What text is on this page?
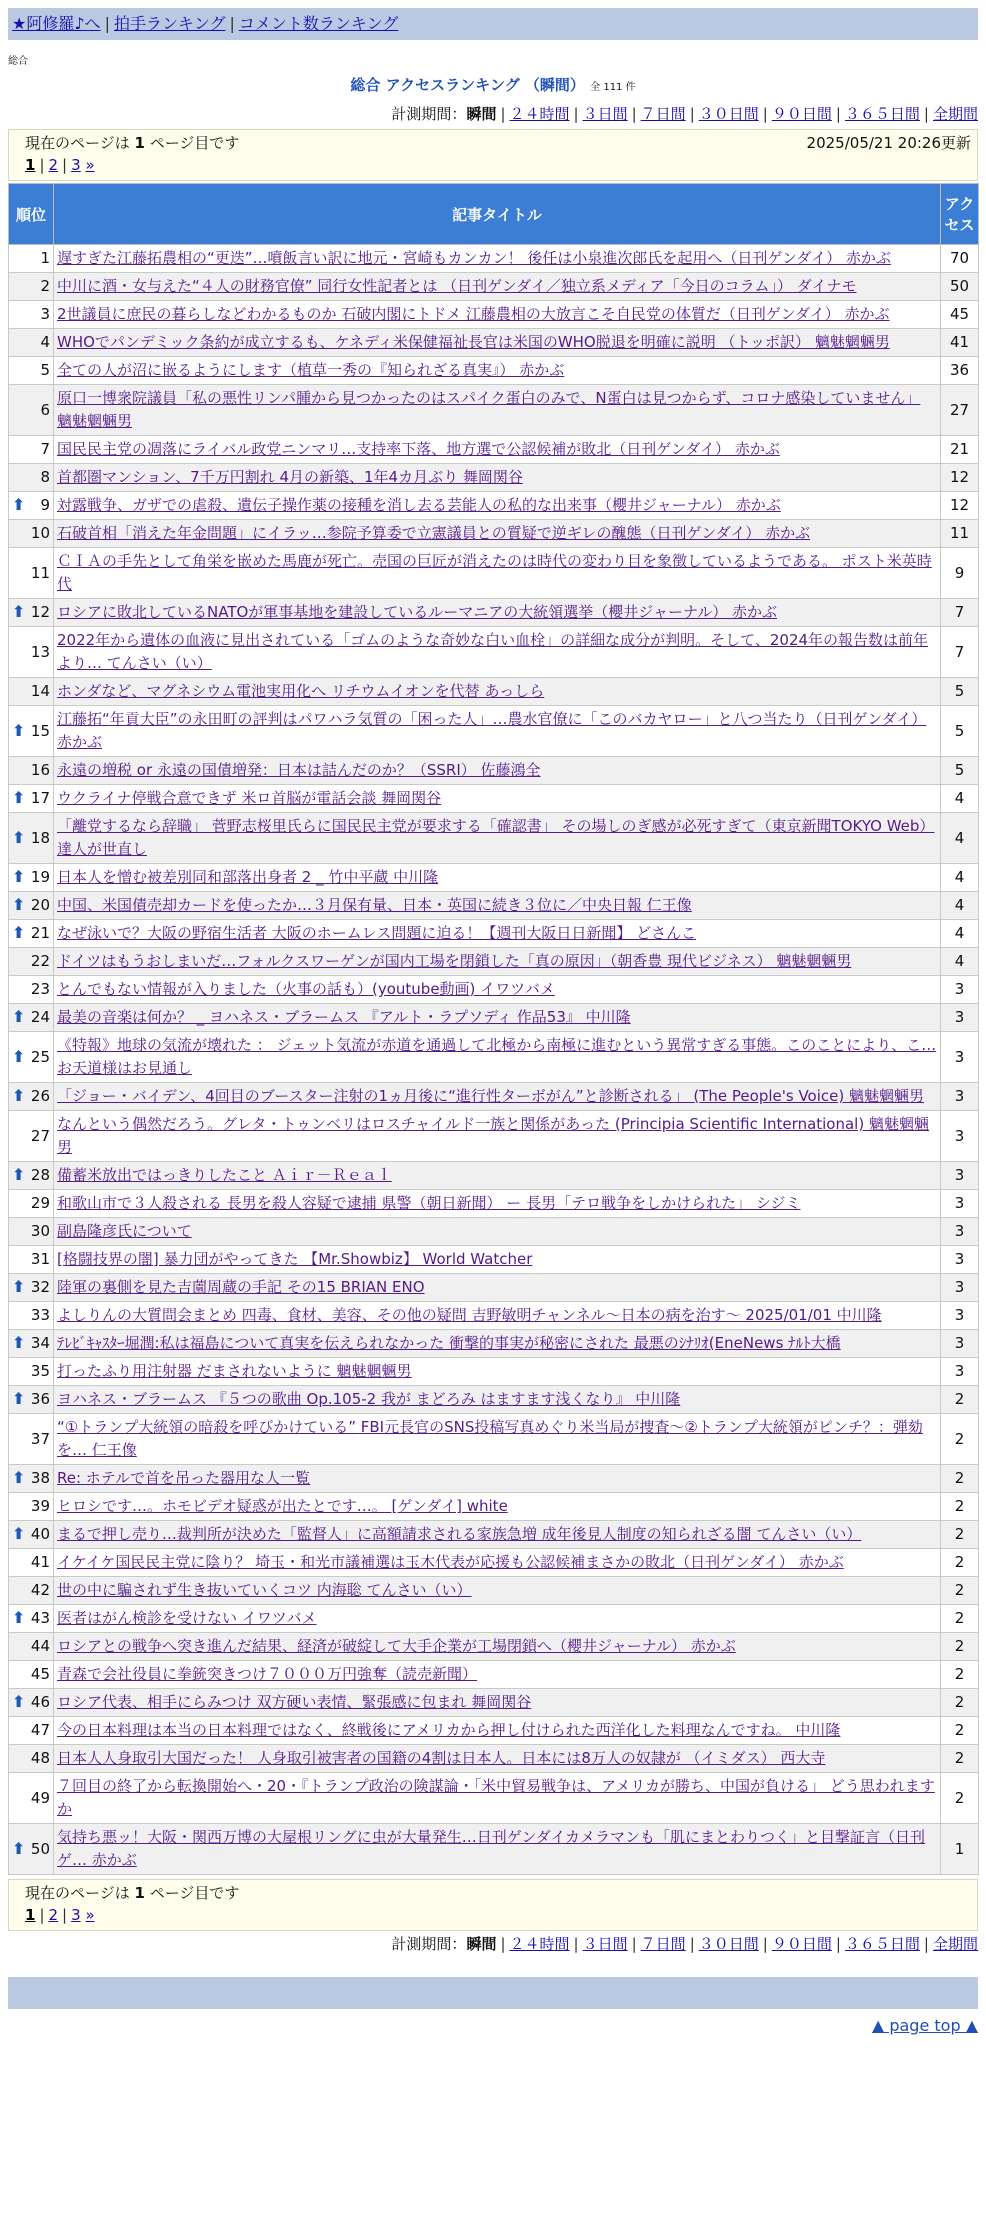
★阿修羅♪へ | 拍手ランキング | コメント数ランキング
総合
総合 アクセスランキング （瞬間） 全 111 件
計測期間：瞬間 | ２４時間 | ３日間 | ７日間 | ３０日間 | ９０日間 | ３６５日間 | 全期間
現在のページは 1 ページ目です	2025/05/21 20:26更新
1 | 2 | 3 »
順位	記事タイトル	アクセス
1	遅すぎた江藤拓農相の“更迭”…噴飯言い訳に地元・宮崎もカンカン！ 後任は小泉進次郎氏を起用へ（日刊ゲンダイ） 赤かぶ	70
2	中川に酒・女与えた“４人の財務官僚” 同行女性記者とは （日刊ゲンダイ／独立系メディア「今日のコラム」） ダイナモ	50
3	2世議員に庶民の暮らしなどわかるものか 石破内閣にトドメ 江藤農相の大放言こそ自民党の体質だ（日刊ゲンダイ） 赤かぶ	45
4	WHOでパンデミック条約が成立するも、ケネディ米保健福祉長官は米国のWHO脱退を明確に説明 （トッポ訳） 魑魅魍魎男	41
5	全ての人が沼に嵌るようにします（植草一秀の『知られざる真実』） 赤かぶ	36
6	原口一博衆院議員「私の悪性リンパ腫から見つかったのはスパイク蛋白のみで、N蛋白は見つからず、コロナ感染していません」 魑魅魍魎男	27
7	国民民主党の凋落にライバル政党ニンマリ…支持率下落、地方選で公認候補が敗北（日刊ゲンダイ） 赤かぶ	21
8	首都圏マンション、7千万円割れ 4月の新築、1年4カ月ぶり 舞岡関谷	12

⬆ 9	対露戦争、ガザでの虐殺、遺伝子操作薬の接種を消し去る芸能人の私的な出来事（櫻井ジャーナル） 赤かぶ	12
10	石破首相「消えた年金問題」にイラッ…参院予算委で立憲議員との質疑で逆ギレの醜態（日刊ゲンダイ） 赤かぶ	11
11	ＣＩＡの手先として角栄を嵌めた馬鹿が死亡。売国の巨匠が消えたのは時代の変わり目を象徴しているようである。 ポスト米英時代	9

⬆ 12	ロシアに敗北しているNATOが軍事基地を建設しているルーマニアの大統領選挙（櫻井ジャーナル） 赤かぶ	7
13	2022年から遺体の血液に見出されている「ゴムのような奇妙な白い血栓」の詳細な成分が判明。そして、2024年の報告数は前年より… てんさい（い）	7
14	ホンダなど、マグネシウム電池実用化へ リチウムイオンを代替 あっしら	5

⬆ 15	江藤拓“年貢大臣”の永田町の評判はパワハラ気質の「困った人」…農水官僚に「このバカヤロー」と八つ当たり（日刊ゲンダイ） 赤かぶ	5
16	永遠の増税 or 永遠の国債増発：日本は詰んだのか？（SSRI） 佐藤鴻全	5

⬆ 17	ウクライナ停戦合意できず 米ロ首脳が電話会談 舞岡関谷	4

⬆ 18	「離党するなら辞職」 菅野志桜里氏らに国民民主党が要求する「確認書」 その場しのぎ感が必死すぎて（東京新聞TOKYO Web） 達人が世直し	4

⬆ 19	日本人を憎む被差別同和部落出身者 2 _ 竹中平蔵 中川隆	4

⬆ 20	中国、米国債売却カードを使ったか…３月保有量、日本・英国に続き３位に／中央日報 仁王像	4

⬆ 21	なぜ泳いで？大阪の野宿生活者 大阪のホームレス問題に迫る！【週刊大阪日日新聞】 どさんこ	4
22	ドイツはもうおしまいだ…フォルクスワーゲンが国内工場を閉鎖した「真の原因」（朝香豊 現代ビジネス） 魑魅魍魎男	4
23	とんでもない情報が入りました（火事の話も）(youtube動画) イワツバメ	3

⬆ 24	最美の音楽は何か？ _ ヨハネス・ブラームス 『アルト・ラプソディ 作品53』 中川隆	3

⬆ 25	《特報》地球の気流が壊れた ： ジェット気流が赤道を通過して北極から南極に進むという異常すぎる事態。このことにより、こ… お天道様はお見通し	3

⬆ 26	「ジョー・バイデン、4回目のブースター注射の1ヵ月後に“進行性ターボがん”と診断される」 (The People's Voice) 魑魅魍魎男	3
27	なんという偶然だろう。グレタ・トゥンベリはロスチャイルド一族と関係があった (Principia Scientific International) 魑魅魍魎男	3

⬆ 28	備蓄米放出ではっきりしたこと Ａｉｒ－Ｒｅａｌ	3
29	和歌山市で３人殺される 長男を殺人容疑で逮捕 県警（朝日新聞） ー 長男「テロ戦争をしかけられた」 シジミ	3
30	副島隆彦氏について	3
31	[格闘技界の闇] 暴力団がやってきた 【Mr.Showbiz】 World Watcher	3

⬆ 32	陸軍の裏側を見た吉薗周蔵の手記 その15 BRIAN ENO	3
33	よしりんの大質問会まとめ 四毒、食材、美容、その他の疑問 吉野敏明チャンネル～日本の病を治す～ 2025/01/01 中川隆	3

⬆ 34	ﾃﾚﾋﾞｷｬｽﾀｰ堀潤:私は福島について真実を伝えられなかった 衝撃的事実が秘密にされた 最悪のｼﾅﾘｵ(EneNews ﾅﾙﾄ大橋	3
35	打ったふり用注射器 だまされないように 魑魅魍魎男	3

⬆ 36	ヨハネス・ブラームス 『５つの歌曲 Op.105-2 我が まどろみ はますます浅くなり』 中川隆	2
37	“①トランプ大統領の暗殺を呼びかけている” FBI元長官のSNS投稿写真めぐり米当局が捜査～②トランプ大統領がピンチ？：弾劾を… 仁王像	2

⬆ 38	Re: ホテルで首を吊った器用な人一覧	2
39	ヒロシです…。ホモビデオ疑惑が出たとです…。 [ゲンダイ] white	2

⬆ 40	まるで押し売り…裁判所が決めた「監督人」に高額請求される家族急増 成年後見人制度の知られざる闇 てんさい（い）	2
41	イケイケ国民民主党に陰り？ 埼玉・和光市議補選は玉木代表が応援も公認候補まさかの敗北（日刊ゲンダイ） 赤かぶ	2
42	世の中に騙されず生き抜いていくコツ 内海聡 てんさい（い）	2

⬆ 43	医者はがん検診を受けない イワツバメ	2
44	ロシアとの戦争へ突き進んだ結果、経済が破綻して大手企業が工場閉鎖へ（櫻井ジャーナル） 赤かぶ	2
45	青森で会社役員に拳銃突きつけ７０００万円強奪（読売新聞）	2

⬆ 46	ロシア代表、相手にらみつけ 双方硬い表情、緊張感に包まれ 舞岡関谷	2
47	今の日本料理は本当の日本料理ではなく、終戦後にアメリカから押し付けられた西洋化した料理なんですね。 中川隆	2
48	日本人人身取引大国だった！ 人身取引被害者の国籍の4割は日本人。日本には8万人の奴隷が （イミダス） 西大寺	2
49	７回目の終了から転換開始へ・20・『トランプ政治の険謀論・「米中貿易戦争は、アメリカが勝ち、中国が負ける」 どう思われますか	2

⬆ 50	気持ち悪ッ！大阪・関西万博の大屋根リングに虫が大量発生…日刊ゲンダイカメラマンも「肌にまとわりつく」と目撃証言（日刊ゲ… 赤かぶ	1
現在のページは 1 ページ目です
1 | 2 | 3 »
計測期間：瞬間 | ２４時間 | ３日間 | ７日間 | ３０日間 | ９０日間 | ３６５日間 | 全期間
▲ page top ▲
